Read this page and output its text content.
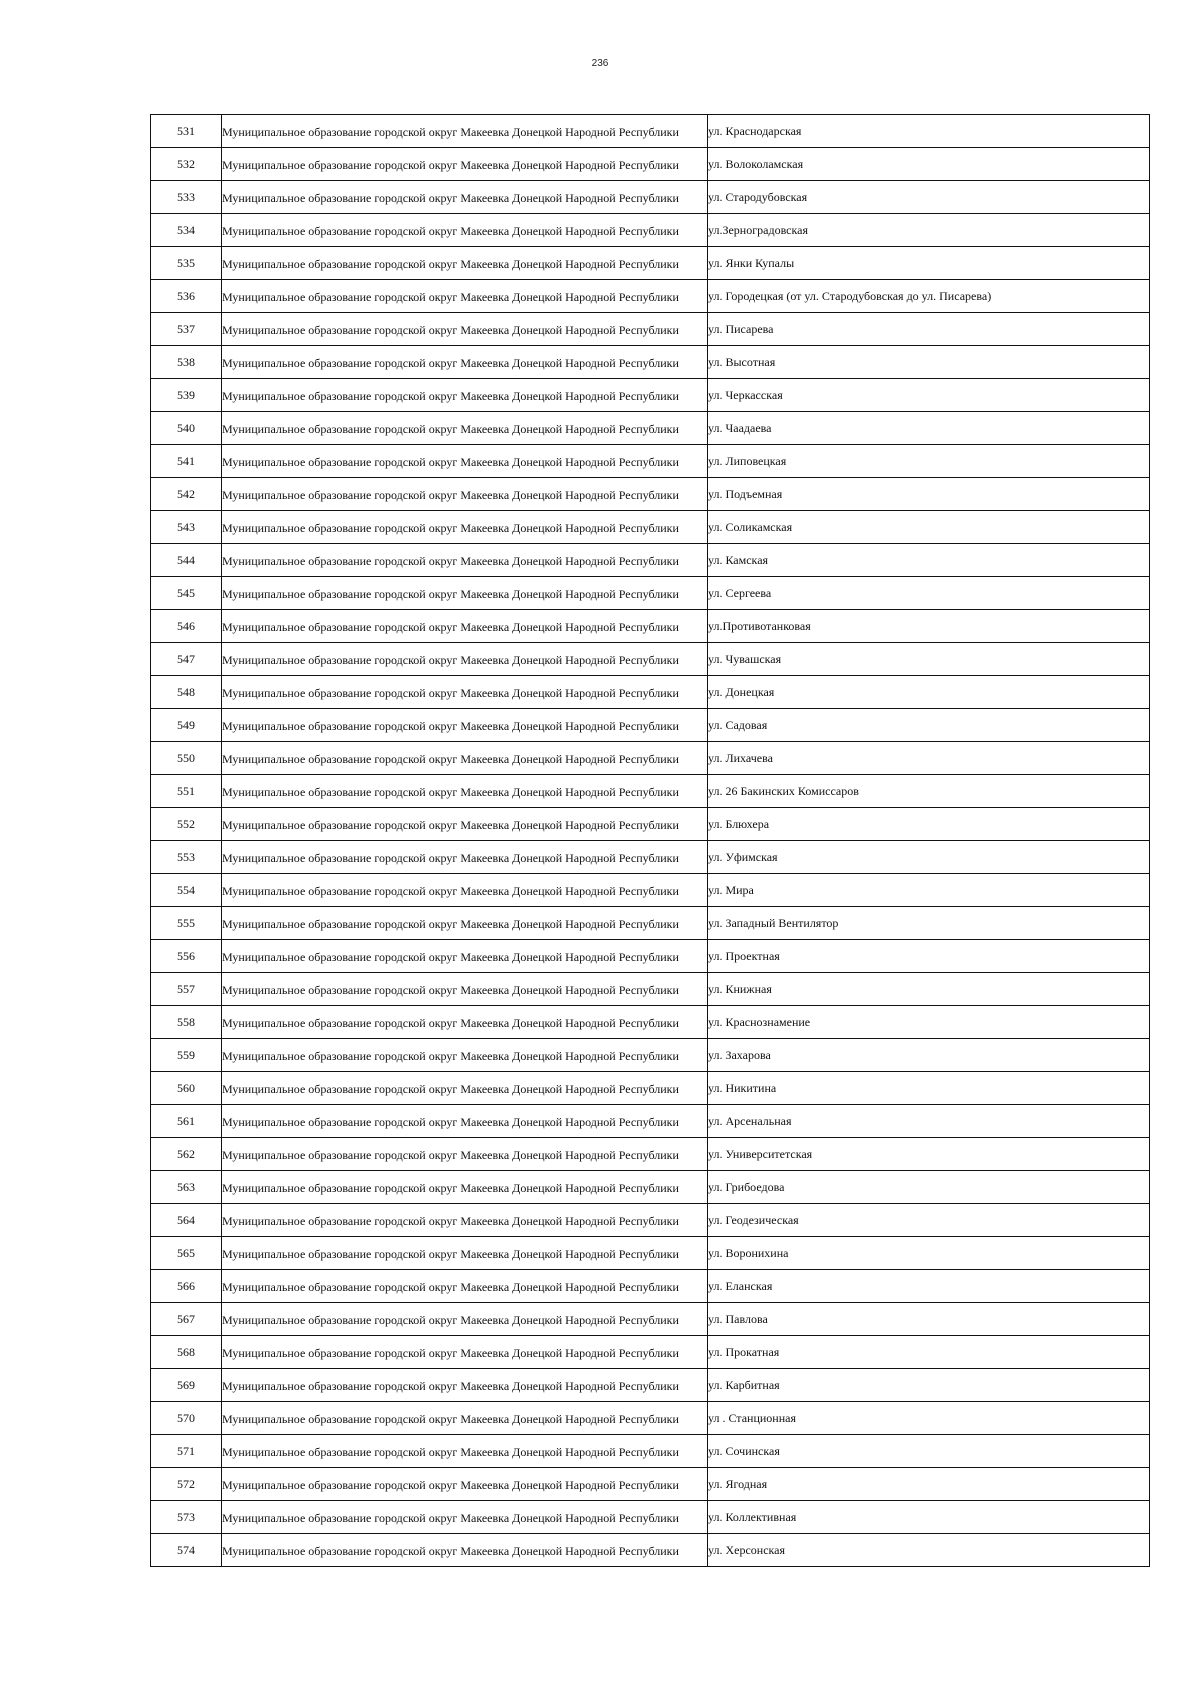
236
531	Муниципальное образование городской округ Макеевка Донецкой Народной Республики	ул. Краснодарская
532	Муниципальное образование городской округ Макеевка Донецкой Народной Республики	ул. Волоколамская
533	Муниципальное образование городской округ Макеевка Донецкой Народной Республики	ул. Стародубовская
534	Муниципальное образование городской округ Макеевка Донецкой Народной Республики	ул.Зерноградовская
535	Муниципальное образование городской округ Макеевка Донецкой Народной Республики	ул. Янки Купалы
536	Муниципальное образование городской округ Макеевка Донецкой Народной Республики	ул. Городецкая (от ул. Стародубовская до ул. Писарева)
537	Муниципальное образование городской округ Макеевка Донецкой Народной Республики	ул. Писарева
538	Муниципальное образование городской округ Макеевка Донецкой Народной Республики	ул. Высотная
539	Муниципальное образование городской округ Макеевка Донецкой Народной Республики	ул. Черкасская
540	Муниципальное образование городской округ Макеевка Донецкой Народной Республики	ул. Чаадаева
541	Муниципальное образование городской округ Макеевка Донецкой Народной Республики	ул. Липовецкая
542	Муниципальное образование городской округ Макеевка Донецкой Народной Республики	ул. Подъемная
543	Муниципальное образование городской округ Макеевка Донецкой Народной Республики	ул. Соликамская
544	Муниципальное образование городской округ Макеевка Донецкой Народной Республики	ул. Камская
545	Муниципальное образование городской округ Макеевка Донецкой Народной Республики	ул. Сергеева
546	Муниципальное образование городской округ Макеевка Донецкой Народной Республики	ул.Противотанковая
547	Муниципальное образование городской округ Макеевка Донецкой Народной Республики	ул. Чувашская
548	Муниципальное образование городской округ Макеевка Донецкой Народной Республики	ул. Донецкая
549	Муниципальное образование городской округ Макеевка Донецкой Народной Республики	ул. Садовая
550	Муниципальное образование городской округ Макеевка Донецкой Народной Республики	ул. Лихачева
551	Муниципальное образование городской округ Макеевка Донецкой Народной Республики	ул. 26 Бакинских Комиссаров
552	Муниципальное образование городской округ Макеевка Донецкой Народной Республики	ул. Блюхера
553	Муниципальное образование городской округ Макеевка Донецкой Народной Республики	ул. Уфимская
554	Муниципальное образование городской округ Макеевка Донецкой Народной Республики	ул. Мира
555	Муниципальное образование городской округ Макеевка Донецкой Народной Республики	ул. Западный Вентилятор
556	Муниципальное образование городской округ Макеевка Донецкой Народной Республики	ул. Проектная
557	Муниципальное образование городской округ Макеевка Донецкой Народной Республики	ул. Книжная
558	Муниципальное образование городской округ Макеевка Донецкой Народной Республики	ул. Краснознамение
559	Муниципальное образование городской округ Макеевка Донецкой Народной Республики	ул. Захарова
560	Муниципальное образование городской округ Макеевка Донецкой Народной Республики	ул. Никитина
561	Муниципальное образование городской округ Макеевка Донецкой Народной Республики	ул. Арсенальная
562	Муниципальное образование городской округ Макеевка Донецкой Народной Республики	ул. Университетская
563	Муниципальное образование городской округ Макеевка Донецкой Народной Республики	ул. Грибоедова
564	Муниципальное образование городской округ Макеевка Донецкой Народной Республики	ул. Геодезическая
565	Муниципальное образование городской округ Макеевка Донецкой Народной Республики	ул. Воронихина
566	Муниципальное образование городской округ Макеевка Донецкой Народной Республики	ул. Еланская
567	Муниципальное образование городской округ Макеевка Донецкой Народной Республики	ул. Павлова
568	Муниципальное образование городской округ Макеевка Донецкой Народной Республики	ул. Прокатная
569	Муниципальное образование городской округ Макеевка Донецкой Народной Республики	ул. Карбитная
570	Муниципальное образование городской округ Макеевка Донецкой Народной Республики	ул . Станционная
571	Муниципальное образование городской округ Макеевка Донецкой Народной Республики	ул. Сочинская
572	Муниципальное образование городской округ Макеевка Донецкой Народной Республики	ул. Ягодная
573	Муниципальное образование городской округ Макеевка Донецкой Народной Республики	ул. Коллективная
574	Муниципальное образование городской округ Макеевка Донецкой Народной Республики	ул. Херсонская
